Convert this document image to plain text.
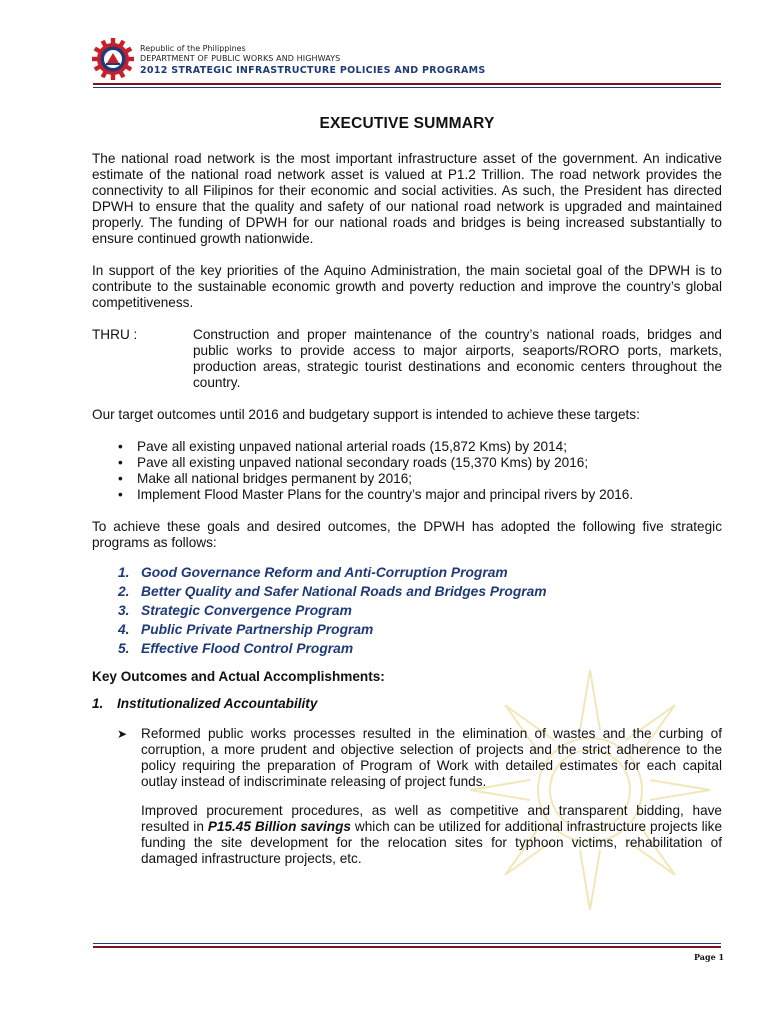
Republic of the Philippines
DEPARTMENT OF PUBLIC WORKS AND HIGHWAYS
2012 STRATEGIC INFRASTRUCTURE POLICIES AND PROGRAMS
EXECUTIVE SUMMARY

The national road network is the most important infrastructure asset of the government. An indicative estimate of the national road network asset is valued at P1.2 Trillion. The road network provides the connectivity to all Filipinos for their economic and social activities. As such, the President has directed DPWH to ensure that the quality and safety of our national road network is upgraded and maintained properly. The funding of DPWH for our national roads and bridges is being increased substantially to ensure continued growth nationwide.

In support of the key priorities of the Aquino Administration, the main societal goal of the DPWH is to contribute to the sustainable economic growth and poverty reduction and improve the country’s global competitiveness.

THRU :	Construction and proper maintenance of the country’s national roads, bridges and public works to provide access to major airports, seaports/RORO ports, markets, production areas, strategic tourist destinations and economic centers throughout the country.

Our target outcomes until 2016 and budgetary support is intended to achieve these targets:

• Pave all existing unpaved national arterial roads (15,872 Kms) by 2014;
• Pave all existing unpaved national secondary roads (15,370 Kms) by 2016;
• Make all national bridges permanent by 2016;
• Implement Flood Master Plans for the country’s major and principal rivers by 2016.

To achieve these goals and desired outcomes, the DPWH has adopted the following five strategic programs as follows:

1. Good Governance Reform and Anti-Corruption Program
2. Better Quality and Safer National Roads and Bridges Program
3. Strategic Convergence Program
4. Public Private Partnership Program
5. Effective Flood Control Program
Key Outcomes and Actual Accomplishments:
1. Institutionalized Accountability
➤	Reformed public works processes resulted in the elimination of wastes and the curbing of corruption, a more prudent and objective selection of projects and the strict adherence to the policy requiring the preparation of Program of Work with detailed estimates for each capital outlay instead of indiscriminate releasing of project funds.

Improved procurement procedures, as well as competitive and transparent bidding, have resulted in P15.45 Billion savings which can be utilized for additional infrastructure projects like funding the site development for the relocation sites for typhoon victims, rehabilitation of damaged infrastructure projects, etc.

Page 1
